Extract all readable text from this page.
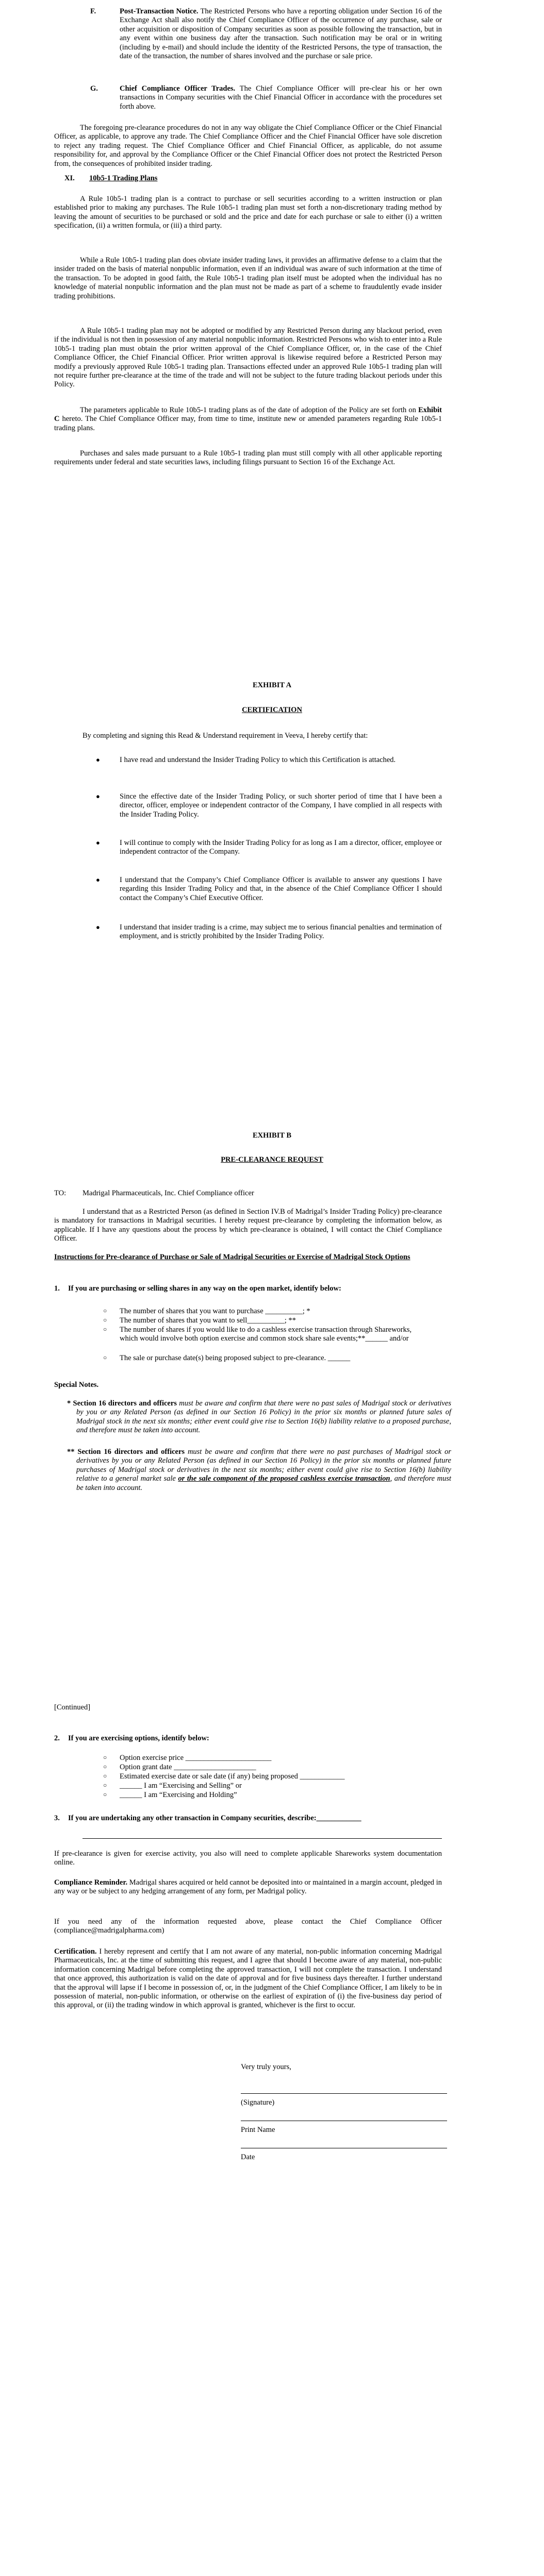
F.	Post-Transaction Notice. The Restricted Persons who have a reporting obligation under Section 16 of the Exchange Act shall also notify the Chief Compliance Officer of the occurrence of any purchase, sale or other acquisition or disposition of Company securities as soon as possible following the transaction, but in any event within one business day after the transaction. Such notification may be oral or in writing (including by e-mail) and should include the identity of the Restricted Persons, the type of transaction, the date of the transaction, the number of shares involved and the purchase or sale price.

G.	Chief Compliance Officer Trades. The Chief Compliance Officer will pre-clear his or her own transactions in Company securities with the Chief Financial Officer in accordance with the procedures set forth above.

The foregoing pre-clearance procedures do not in any way obligate the Chief Compliance Officer or the Chief Financial Officer, as applicable, to approve any trade. The Chief Compliance Officer and the Chief Financial Officer have sole discretion to reject any trading request. The Chief Compliance Officer and Chief Financial Officer, as applicable, do not assume responsibility for, and approval by the Compliance Officer or the Chief Financial Officer does not protect the Restricted Person from, the consequences of prohibited insider trading.

XI. 10b5-1 Trading Plans

A Rule 10b5-1 trading plan is a contract to purchase or sell securities according to a written instruction or plan established prior to making any purchases. The Rule 10b5-1 trading plan must set forth a non-discretionary trading method by leaving the amount of securities to be purchased or sold and the price and date for each purchase or sale to either (i) a written specification, (ii) a written formula, or (iii) a third party.

While a Rule 10b5-1 trading plan does obviate insider trading laws, it provides an affirmative defense to a claim that the insider traded on the basis of material nonpublic information, even if an individual was aware of such information at the time of the transaction. To be adopted in good faith, the Rule 10b5-1 trading plan itself must be adopted when the individual has no knowledge of material nonpublic information and the plan must not be made as part of a scheme to fraudulently evade insider trading prohibitions.

A Rule 10b5-1 trading plan may not be adopted or modified by any Restricted Person during any blackout period, even if the individual is not then in possession of any material nonpublic information. Restricted Persons who wish to enter into a Rule 10b5-1 trading plan must obtain the prior written approval of the Chief Compliance Officer, or, in the case of the Chief Compliance Officer, the Chief Financial Officer. Prior written approval is likewise required before a Restricted Person may modify a previously approved Rule 10b5-1 trading plan. Transactions effected under an approved Rule 10b5-1 trading plan will not require further pre-clearance at the time of the trade and will not be subject to the future trading blackout periods under this Policy.

The parameters applicable to Rule 10b5-1 trading plans as of the date of adoption of the Policy are set forth on Exhibit C hereto. The Chief Compliance Officer may, from time to time, institute new or amended parameters regarding Rule 10b5-1 trading plans.

Purchases and sales made pursuant to a Rule 10b5-1 trading plan must still comply with all other applicable reporting requirements under federal and state securities laws, including filings pursuant to Section 16 of the Exchange Act.

EXHIBIT A

CERTIFICATION

By completing and signing this Read & Understand requirement in Veeva, I hereby certify that:

●	I have read and understand the Insider Trading Policy to which this Certification is attached.

●	Since the effective date of the Insider Trading Policy, or such shorter period of time that I have been a director, officer, employee or independent contractor of the Company, I have complied in all respects with the Insider Trading Policy.

●	I will continue to comply with the Insider Trading Policy for as long as I am a director, officer, employee or independent contractor of the Company.

●	I understand that the Company’s Chief Compliance Officer is available to answer any questions I have regarding this Insider Trading Policy and that, in the absence of the Chief Compliance Officer I should contact the Company’s Chief Executive Officer.

●	I understand that insider trading is a crime, may subject me to serious financial penalties and termination of employment, and is strictly prohibited by the Insider Trading Policy.

EXHIBIT B

PRE-CLEARANCE REQUEST

TO: Madrigal Pharmaceuticals, Inc. Chief Compliance officer

I understand that as a Restricted Person (as defined in Section IV.B of Madrigal’s Insider Trading Policy) pre-clearance is mandatory for transactions in Madrigal securities. I hereby request pre-clearance by completing the information below, as applicable. If I have any questions about the process by which pre-clearance is obtained, I will contact the Chief Compliance Officer.

Instructions for Pre-clearance of Purchase or Sale of Madrigal Securities or Exercise of Madrigal Stock Options

1. If you are purchasing or selling shares in any way on the open market, identify below:
○ The number of shares that you want to purchase __________; *

○ The number of shares that you want to sell__________; **

○ The number of shares if you would like to do a cashless exercise transaction through Shareworks, which would involve both option exercise and common stock share sale events;**______ and/or

○ The sale or purchase date(s) being proposed subject to pre-clearance. ______

Special Notes.

* Section 16 directors and officers must be aware and confirm that there were no past sales of Madrigal stock or derivatives by you or any Related Person (as defined in our Section 16 Policy) in the prior six months or planned future sales of Madrigal stock in the next six months; either event could give rise to Section 16(b) liability relative to a proposed purchase, and therefore must be taken into account.

** Section 16 directors and officers must be aware and confirm that there were no past purchases of Madrigal stock or derivatives by you or any Related Person (as defined in our Section 16 Policy) in the prior six months or planned future purchases of Madrigal stock or derivatives in the next six months; either event could give rise to Section 16(b) liability relative to a general market sale or the sale component of the proposed cashless exercise transaction, and therefore must be taken into account.

[Continued]

2. If you are exercising options, identify below:
○ Option exercise price _______________________

○ Option grant date ______________________

○ Estimated exercise date or sale date (if any) being proposed ____________

○ ______ I am “Exercising and Selling” or

○ ______ I am “Exercising and Holding”

3. If you are undertaking any other transaction in Company securities, describe:____________

If pre-clearance is given for exercise activity, you also will need to complete applicable Shareworks system documentation online.

Compliance Reminder. Madrigal shares acquired or held cannot be deposited into or maintained in a margin account, pledged in any way or be subject to any hedging arrangement of any form, per Madrigal policy.

If you need any of the information requested above, please contact the Chief Compliance Officer (compliance@madrigalpharma.com)

Certification. I hereby represent and certify that I am not aware of any material, non-public information concerning Madrigal Pharmaceuticals, Inc. at the time of submitting this request, and I agree that should I become aware of any material, non-public information concerning Madrigal before completing the approved transaction, I will not complete the transaction. I understand that once approved, this authorization is valid on the date of approval and for five business days thereafter. I further understand that the approval will lapse if I become in possession of, or, in the judgment of the Chief Compliance Officer, I am likely to be in possession of material, non-public information, or otherwise on the earliest of expiration of (i) the five-business day period of this approval, or (ii) the trading window in which approval is granted, whichever is the first to occur.

Very truly yours,

(Signature)

Print Name

Date
